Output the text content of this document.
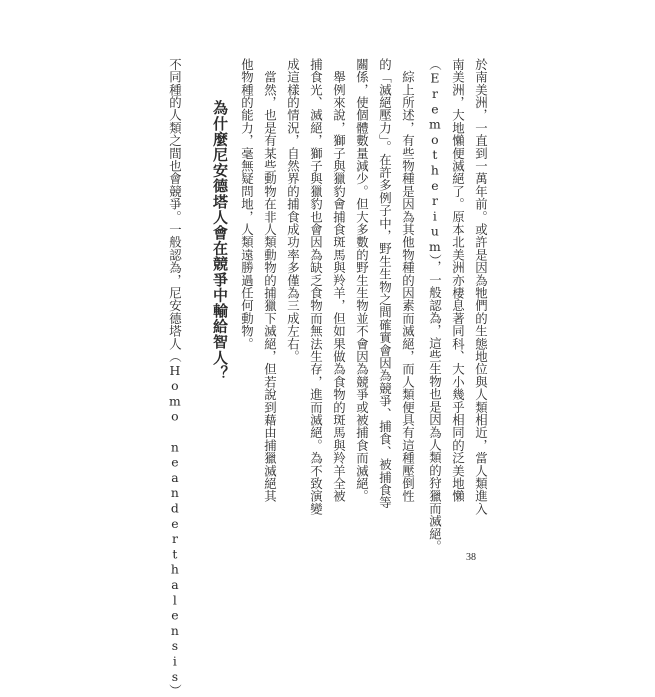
於南美洲，一直到一萬年前。或許是因為牠們的生態地位與人類相近，當人類進入
南美洲，大地懶便滅絕了。原本北美洲亦棲息著同科、大小幾乎相同的泛美地懶
（Eremotherium），一般認為，這些生物也是因為人類的狩獵而滅絕。
　綜上所述，有些物種是因為其他物種的因素而滅絕，而人類便具有這種壓倒性
的「滅絕壓力」。在許多例子中，野生生物之間確實會因為競爭、捕食、被捕食等
關係，使個體數量減少。但大多數的野生生物並不會因為競爭或被捕食而滅絕。
　舉例來說，獅子與獵豹會捕食斑馬與羚羊，但如果做為食物的斑馬與羚羊全被
捕食光、滅絕，獅子與獵豹也會因為缺乏食物而無法生存，進而滅絕。為不致演變
成這樣的情況，自然界的捕食成功率多僅為三成左右。
　當然，也是有某些動物在非人類動物的捕獵下滅絕，但若說到藉由捕獵滅絕其
他物種的能力，毫無疑問地，人類遠勝過任何動物。
為什麼尼安德塔人會在競爭中輸給智人？
不同種的人類之間也會競爭。一般認為，尼安德塔人（Homo neanderthalensis）	38
